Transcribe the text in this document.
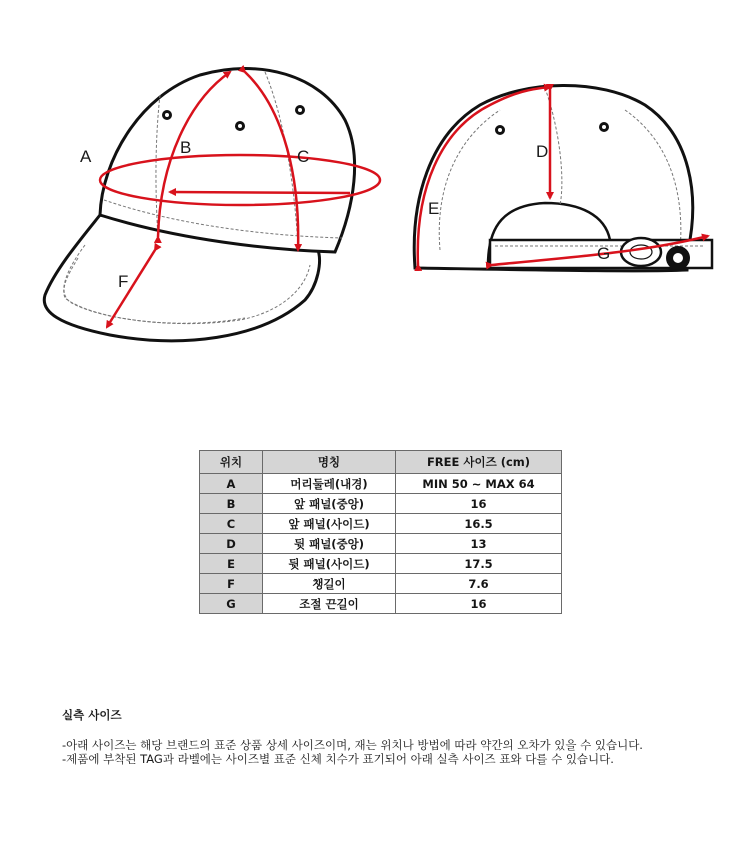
A	B	C
F
D
E
G
위치	명칭	FREE 사이즈 (cm)
A	머리둘레(내경)	MIN 50 ~ MAX 64
B	앞 패널(중앙)	16
C	앞 패널(사이드)	16.5
D	뒷 패널(중앙)	13
E	뒷 패널(사이드)	17.5
F	챙길이	7.6
G	조절 끈길이	16
실측 사이즈
-아래 사이즈는 해당 브랜드의 표준 상품 상세 사이즈이며, 재는 위치나 방법에 따라 약간의 오차가 있을 수 있습니다.
-제품에 부착된 TAG과 라벨에는 사이즈별 표준 신체 치수가 표기되어 아래 실측 사이즈 표와 다를 수 있습니다.
